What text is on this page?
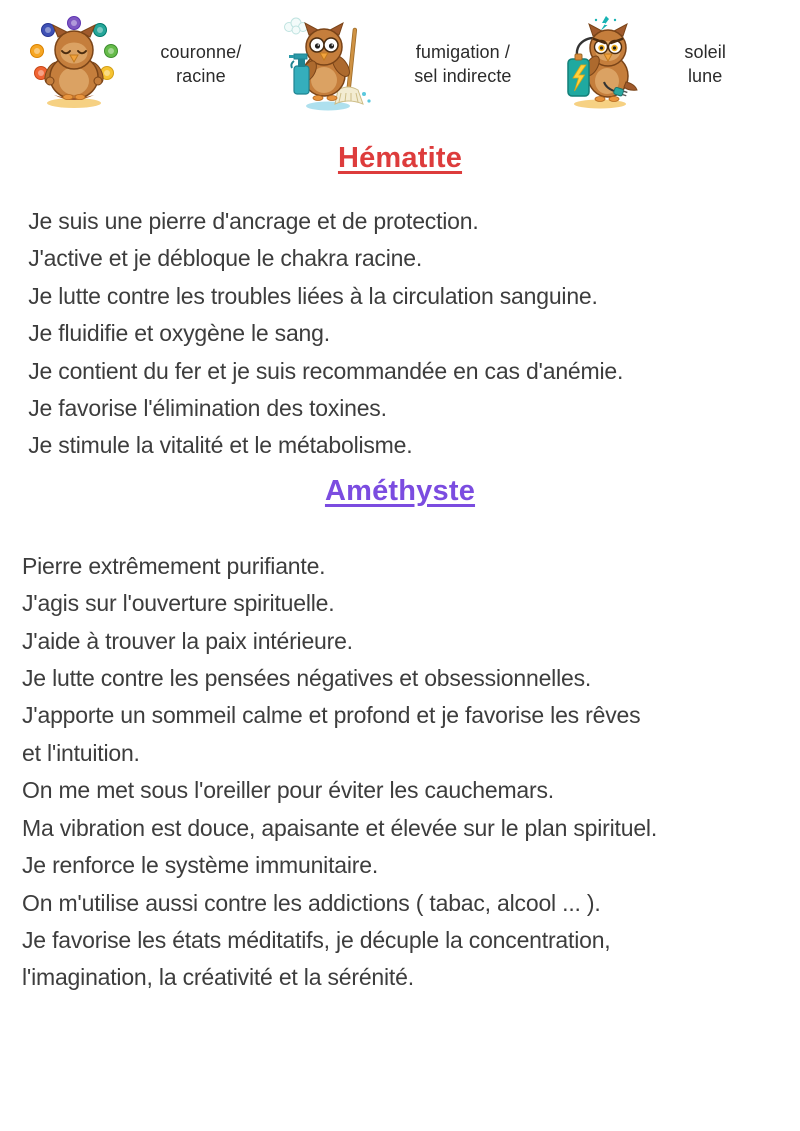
couronne/
racine
fumigation /
sel indirecte
soleil
lune
Hématite
Je suis une pierre d'ancrage et de protection.
J'active et je débloque le chakra racine.
Je lutte contre les troubles liées à la circulation sanguine.
Je fluidifie et oxygène le sang.
Je contient du fer et je suis recommandée en cas d'anémie.
Je favorise l'élimination des toxines.
Je stimule la vitalité et le métabolisme.
Améthyste
Pierre extrêmement purifiante.
J'agis sur l'ouverture spirituelle.
J'aide à trouver la paix intérieure.
Je lutte contre les pensées négatives et obsessionnelles.
J'apporte un sommeil calme et profond et je favorise les rêves
et l'intuition.
On me met sous l'oreiller pour éviter les cauchemars.
Ma vibration est douce, apaisante et élevée sur le plan spirituel.
Je renforce le système immunitaire.
On m'utilise aussi contre les addictions ( tabac, alcool ... ).
Je favorise les états méditatifs, je décuple la concentration,
l'imagination, la créativité et la sérénité.
